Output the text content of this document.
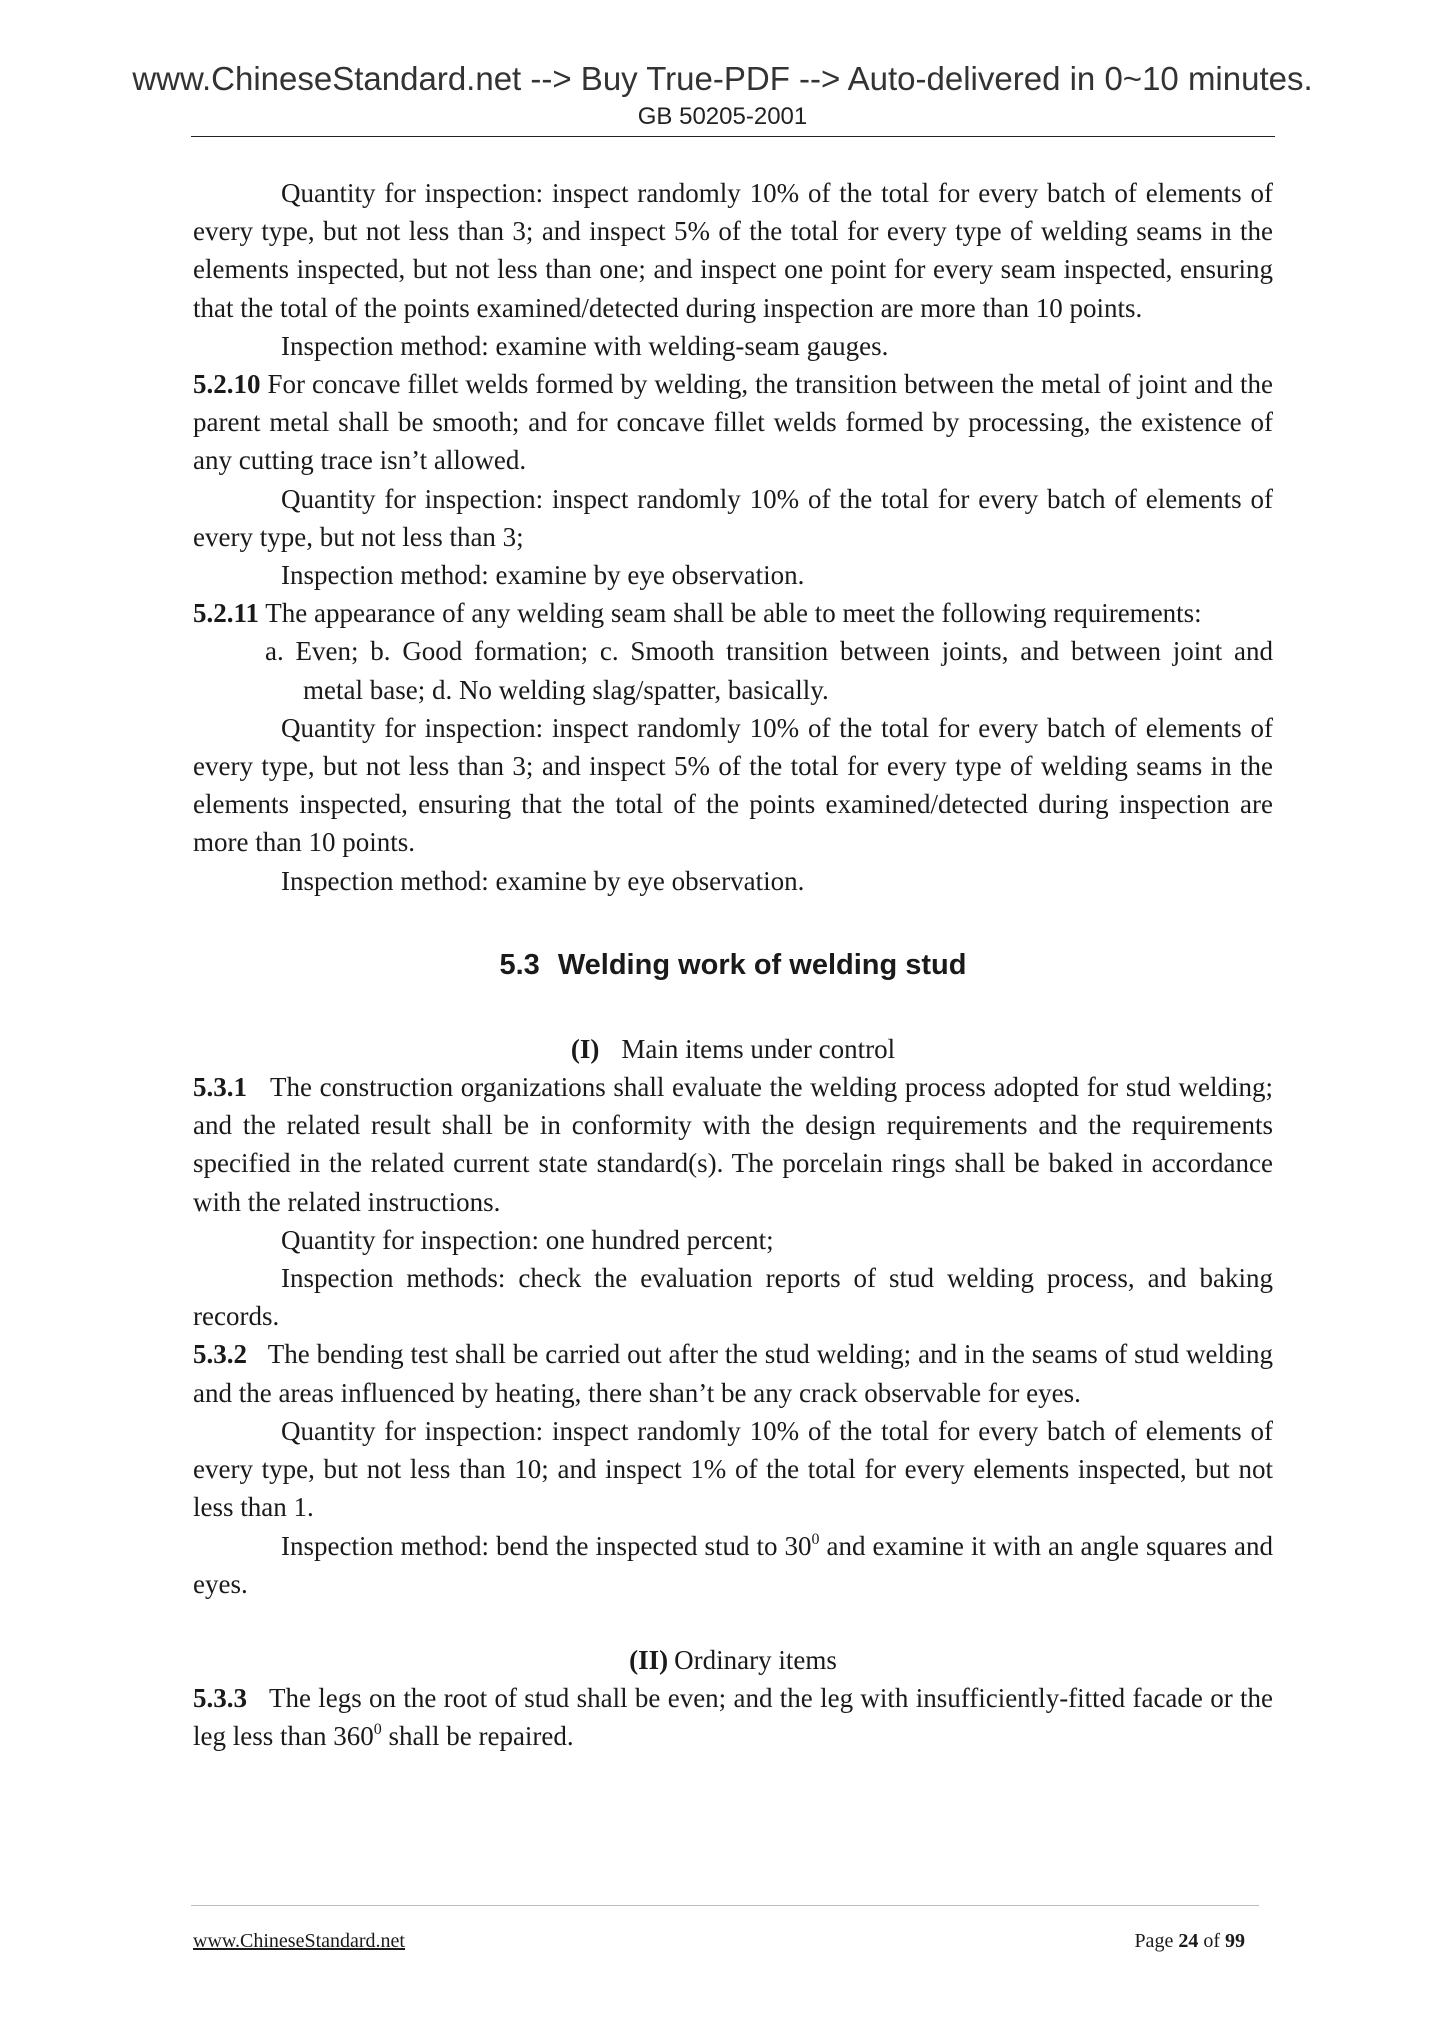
www.ChineseStandard.net --> Buy True-PDF --> Auto-delivered in 0~10 minutes.
GB 50205-2001

Quantity for inspection: inspect randomly 10% of the total for every batch of elements of every type, but not less than 3; and inspect 5% of the total for every type of welding seams in the elements inspected, but not less than one; and inspect one point for every seam inspected, ensuring that the total of the points examined/detected during inspection are more than 10 points.

Inspection method: examine with welding-seam gauges.

5.2.10 For concave fillet welds formed by welding, the transition between the metal of joint and the parent metal shall be smooth; and for concave fillet welds formed by processing, the existence of any cutting trace isn’t allowed.

Quantity for inspection: inspect randomly 10% of the total for every batch of elements of every type, but not less than 3;

Inspection method: examine by eye observation.

5.2.11 The appearance of any welding seam shall be able to meet the following requirements:

a. Even; b. Good formation; c. Smooth transition between joints, and between joint and metal base; d. No welding slag/spatter, basically.

Quantity for inspection: inspect randomly 10% of the total for every batch of elements of every type, but not less than 3; and inspect 5% of the total for every type of welding seams in the elements inspected, ensuring that the total of the points examined/detected during inspection are more than 10 points.

Inspection method: examine by eye observation.

5.3 Welding work of welding stud

(I) Main items under control

5.3.1 The construction organizations shall evaluate the welding process adopted for stud welding; and the related result shall be in conformity with the design requirements and the requirements specified in the related current state standard(s). The porcelain rings shall be baked in accordance with the related instructions.

Quantity for inspection: one hundred percent;

Inspection methods: check the evaluation reports of stud welding process, and baking records.

5.3.2 The bending test shall be carried out after the stud welding; and in the seams of stud welding and the areas influenced by heating, there shan’t be any crack observable for eyes.

Quantity for inspection: inspect randomly 10% of the total for every batch of elements of every type, but not less than 10; and inspect 1% of the total for every elements inspected, but not less than 1.

Inspection method: bend the inspected stud to $30^0$ and examine it with an angle squares and eyes.

(II) Ordinary items

5.3.3 The legs on the root of stud shall be even; and the leg with insufficiently-fitted facade or the leg less than $360^0$ shall be repaired.

www.ChineseStandard.net	Page 24 of 99
